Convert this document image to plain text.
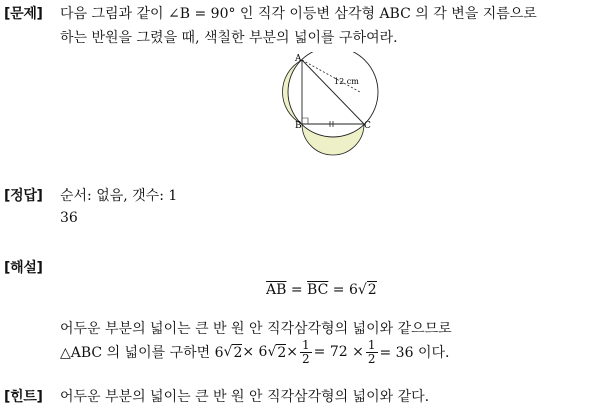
[문제] 다음 그림과 같이 ∠B = 90° 인 직각 이등변 삼각형 ABC 의 각 변을 지름으로
하는 반원을 그렸을 때, 색칠한 부분의 넓이를 구하여라.
A
B	C
12 cm
[정답] 순서: 없음, 갯수: 1
36
[해설]
$\overline{AB} = \overline{BC} = 6√2$
어두운 부분의 넓이는 큰 반 원 안 직각삼각형의 넓이와 같으므로
△ABC 의 넓이를 구하면 6 √ 2 × 6 √ $2 \times \frac{1}{2} = 72 \times \frac{1}{2} = 36$ 이다.
[힌트] 어두운 부분의 넓이는 큰 반 원 안 직각삼각형의 넓이와 같다.
